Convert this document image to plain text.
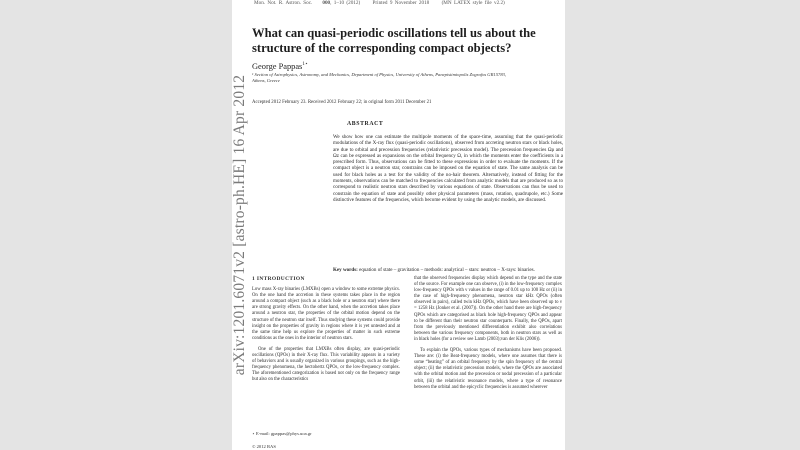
arXiv:1201.6071v2 [astro-ph.HE] 16 Apr 2012
Mon. Not. R. Astron. Soc. 000, 1–10 (2012) Printed 9 November 2018 (MN LATEX style file v2.2)
What can quasi-periodic oscillations tell us about the structure of the corresponding compact objects?
George Pappas$^{1⋆}$
¹ Section of Astrophysics, Astronomy, and Mechanics, Department of Physics, University of Athens, Panepistimiopolis Zografos GR15783, Athens, Greece
Accepted 2012 February 23. Received 2012 February 22; in original form 2011 December 21
ABSTRACT
We show how one can estimate the multipole moments of the space-time, assuming that the quasi-periodic modulations of the X-ray flux (quasi-periodic oscillations), observed from accreting neutron stars or black holes, are due to orbital and precession frequencies (relativistic precession model). The precession frequencies Ωρ and Ωz can be expressed as expansions on the orbital frequency Ω, in which the moments enter the coefficients in a prescribed form. Thus, observations can be fitted to these expressions in order to evaluate the moments. If the compact object is a neutron star, constrains can be imposed on the equation of state. The same analysis can be used for black holes as a test for the validity of the no-hair theorem. Alternatively, instead of fitting for the moments, observations can be matched to frequencies calculated from analytic models that are produced so as to correspond to realistic neutron stars described by various equations of state. Observations can thus be used to constrain the equation of state and possibly other physical parameters (mass, rotation, quadrupole, etc.) Some distinctive features of the frequencies, which become evident by using the analytic models, are discussed.
Key words: equation of state – gravitation – methods: analytical – stars: neutron – X-rays: binaries.
1 INTRODUCTION

Low mass X-ray binaries (LMXBs) open a window to some extreme physics. On the one hand the accretion in these systems takes place in the region around a compact object (such as a black hole or a neutron star) where there are strong gravity effects. On the other hand, when the accretion takes place around a neutron star, the properties of the orbital motion depend on the structure of the neutron star itself. Thus studying these systems could provide insight on the properties of gravity in regions where it is yet untested and at the same time help us explore the properties of matter in such extreme conditions as the ones in the interior of neutron stars.

One of the properties that LMXBs often display, are quasi-periodic oscillations (QPOs) in their X-ray flux. This variability appears in a variety of behaviors and is usually organized in various groupings, such as the high-frequency phenomena, the hectohertz QPOs, or the low-frequency complex. The aforementioned categorization is based not only on the frequency range but also on the characteristics

that the observed frequencies display which depend on the type and the state of the source. For example one can observe, (i) in the low-frequency complex low-frequency QPOs with ν values in the range of 0.01 up to 100 Hz or (ii) in the case of high-frequency phenomena, neutron star kHz QPOs (often observed in pairs), called twin kHz QPOs, which have been observed up to ν = 1258 Hz (Jonker et al. (2007)). On the other hand there are high-frequency QPOs which are categorised as black hole high-frequency QPOs and appear to be different than their neutron star counterparts. Finally, the QPOs, apart from the previously mentioned differentiation exhibit also correlations between the various frequency components, both in neutron stars as well as in black holes (for a review see Lamb (2003);van der Klis (2006)).

To explain the QPOs, various types of mechanisms have been proposed. These are: (i) the Beat-frequency models, where one assumes that there is some “beating” of an orbital frequency by the spin frequency of the central object; (ii) the relativistic precession models, where the QPOs are associated with the orbital motion and the precession or nodal precession of a particular orbit, (iii) the relativistic resonance models, where a type of resonance between the orbital and the epicyclic frequencies is assumed wherever

⋆ E-mail: gpappas@phys.uoa.gr
© 2012 RAS
